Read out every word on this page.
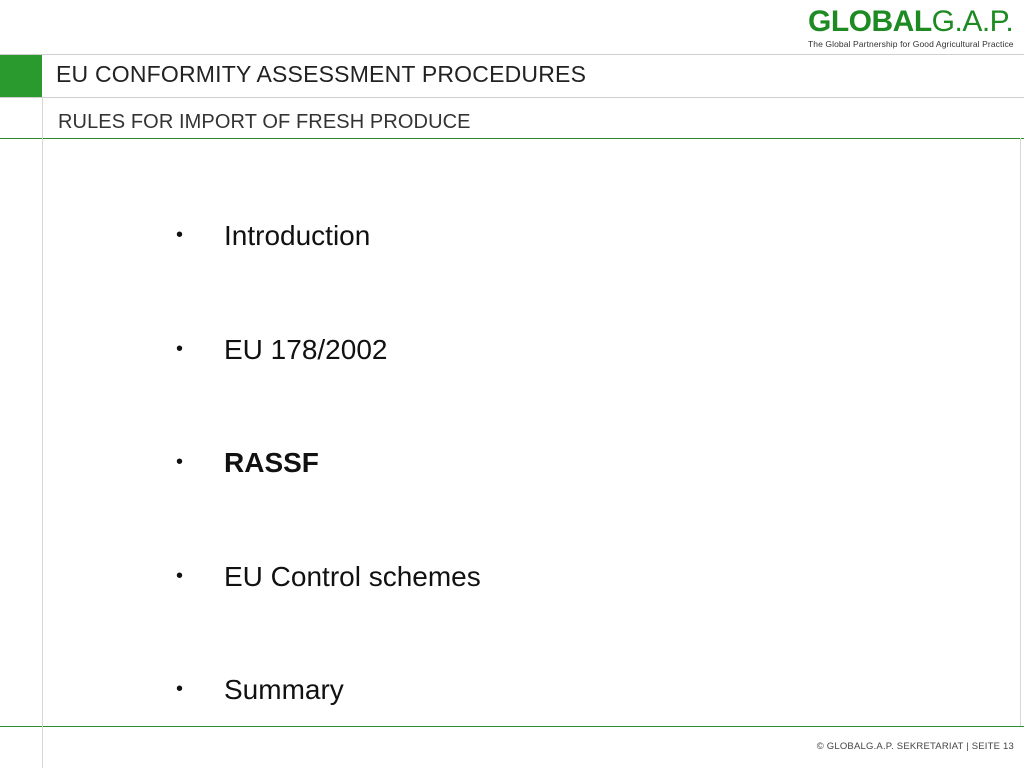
GLOBALG.A.P.
The Global Partnership for Good Agricultural Practice
EU CONFORMITY ASSESSMENT PROCEDURES
RULES FOR IMPORT OF FRESH PRODUCE
• Introduction
• EU 178/2002
• RASSF
• EU Control schemes
• Summary
© GLOBALG.A.P. SEKRETARIAT | SEITE 13
